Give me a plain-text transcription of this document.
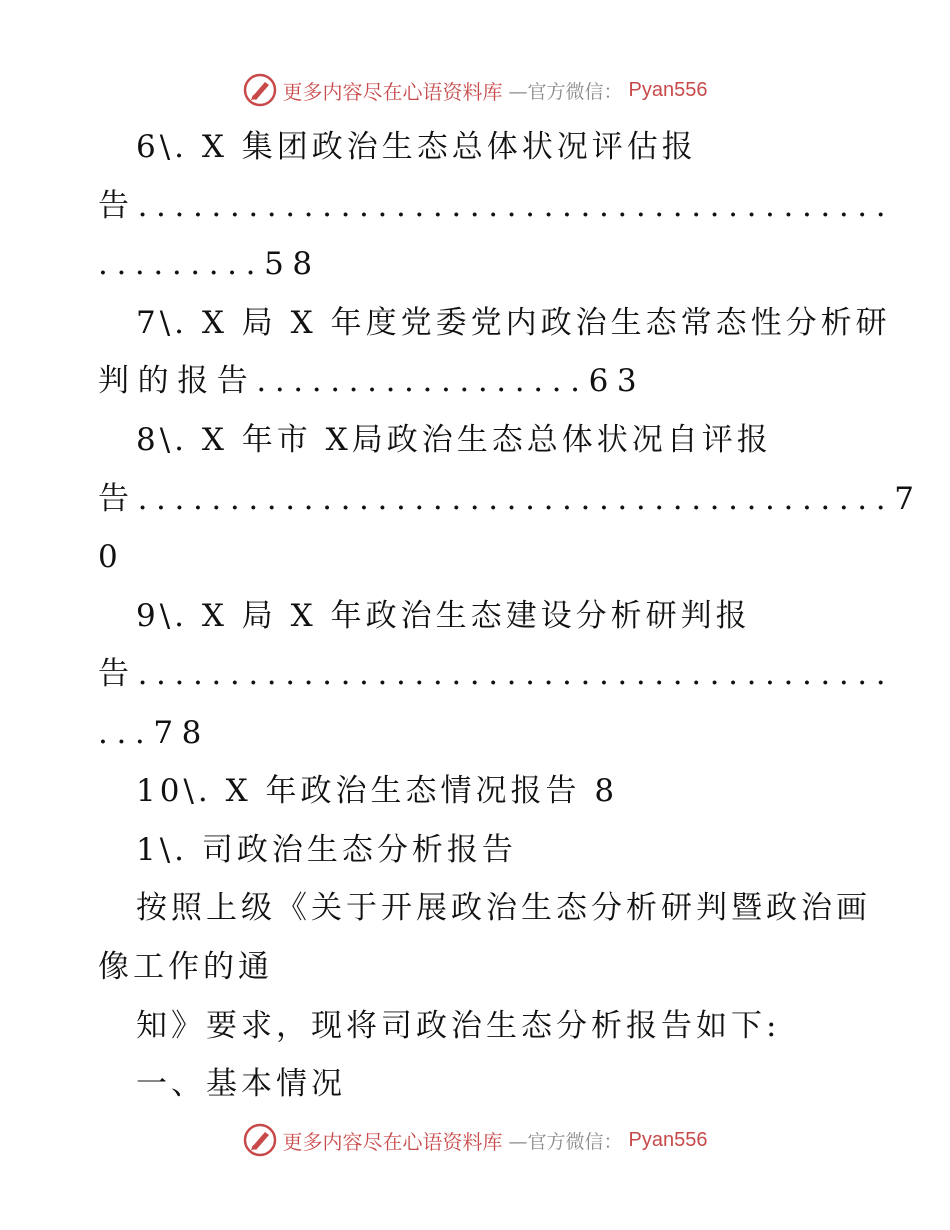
更多内容尽在心语资料库 —官方微信： Pyan556
6\. X 集团政治生态总体状况评估报
告.........................................
.........58
7\. X 局 X 年度党委党内政治生态常态性分析研
判的报告..................63
8\. X 年市 X局政治生态总体状况自评报
告.........................................7
0
9\. X 局 X 年政治生态建设分析研判报
告.........................................
...78
10\. X 年政治生态情况报告 8
1\. 司政治生态分析报告
按照上级《关于开展政治生态分析研判暨政治画
像工作的通
知》要求，现将司政治生态分析报告如下:
一、基本情况
更多内容尽在心语资料库 —官方微信： Pyan556
